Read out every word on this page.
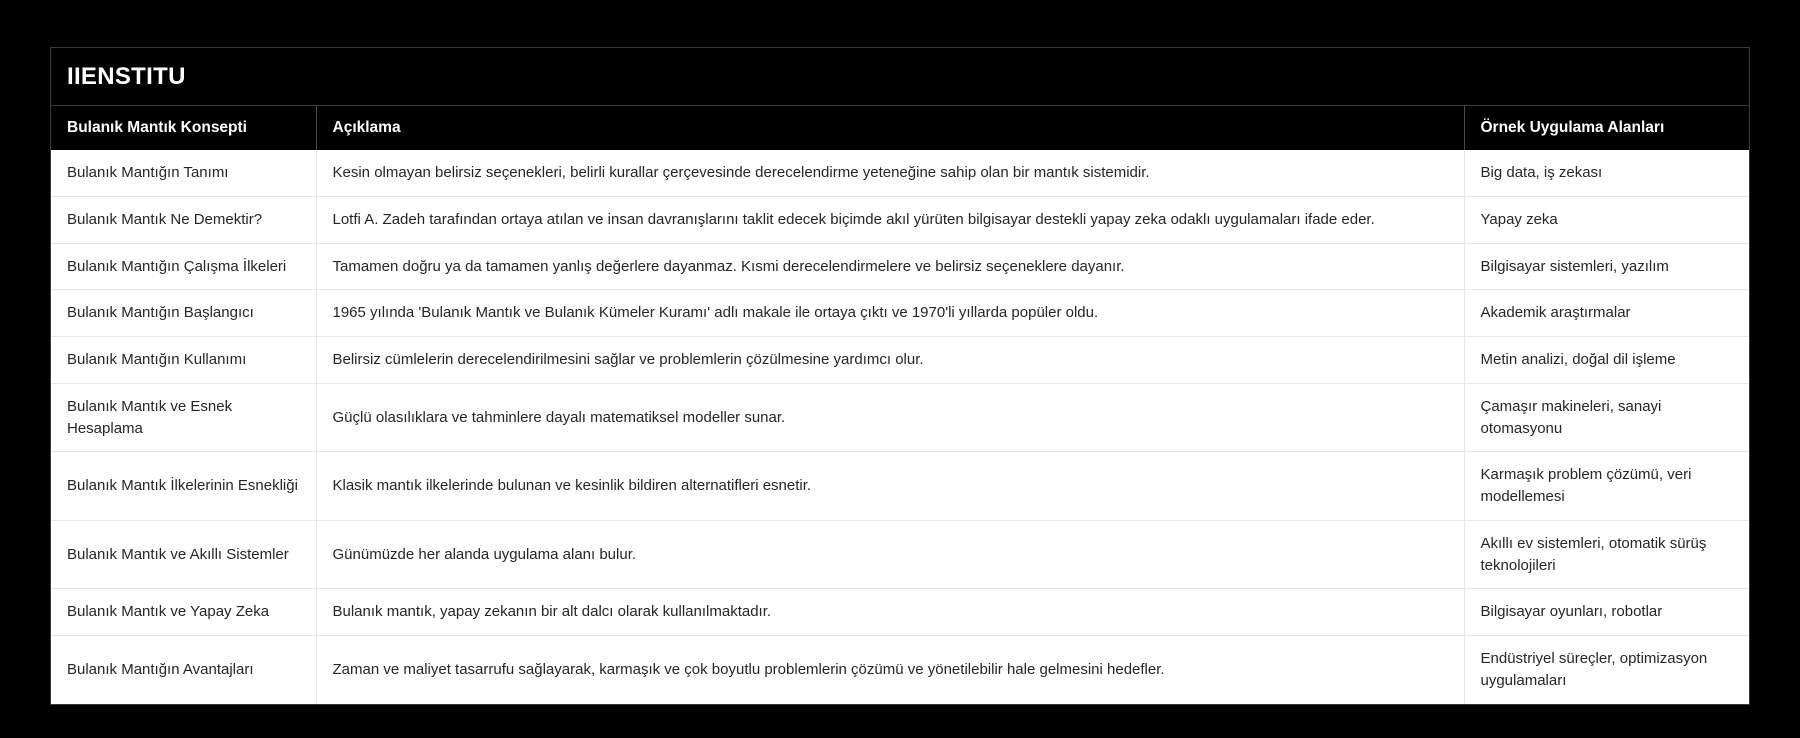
IIENSTITU
Bulanık Mantık Konsepti	Açıklama	Örnek Uygulama Alanları
Bulanık Mantığın Tanımı	Kesin olmayan belirsiz seçenekleri, belirli kurallar çerçevesinde derecelendirme yeteneğine sahip olan bir mantık sistemidir.	Big data, iş zekası
Bulanık Mantık Ne Demektir?	Lotfi A. Zadeh tarafından ortaya atılan ve insan davranışlarını taklit edecek biçimde akıl yürüten bilgisayar destekli yapay zeka odaklı uygulamaları ifade eder.	Yapay zeka
Bulanık Mantığın Çalışma İlkeleri	Tamamen doğru ya da tamamen yanlış değerlere dayanmaz. Kısmi derecelendirmelere ve belirsiz seçeneklere dayanır.	Bilgisayar sistemleri, yazılım
Bulanık Mantığın Başlangıcı	1965 yılında 'Bulanık Mantık ve Bulanık Kümeler Kuramı' adlı makale ile ortaya çıktı ve 1970'li yıllarda popüler oldu.	Akademik araştırmalar
Bulanık Mantığın Kullanımı	Belirsiz cümlelerin derecelendirilmesini sağlar ve problemlerin çözülmesine yardımcı olur.	Metin analizi, doğal dil işleme
Bulanık Mantık ve Esnek Hesaplama	Güçlü olasılıklara ve tahminlere dayalı matematiksel modeller sunar.	Çamaşır makineleri, sanayi otomasyonu
Bulanık Mantık İlkelerinin Esnekliği	Klasik mantık ilkelerinde bulunan ve kesinlik bildiren alternatifleri esnetir.	Karmaşık problem çözümü, veri modellemesi
Bulanık Mantık ve Akıllı Sistemler	Günümüzde her alanda uygulama alanı bulur.	Akıllı ev sistemleri, otomatik sürüş teknolojileri
Bulanık Mantık ve Yapay Zeka	Bulanık mantık, yapay zekanın bir alt dalcı olarak kullanılmaktadır.	Bilgisayar oyunları, robotlar
Bulanık Mantığın Avantajları	Zaman ve maliyet tasarrufu sağlayarak, karmaşık ve çok boyutlu problemlerin çözümü ve yönetilebilir hale gelmesini hedefler.	Endüstriyel süreçler, optimizasyon uygulamaları
